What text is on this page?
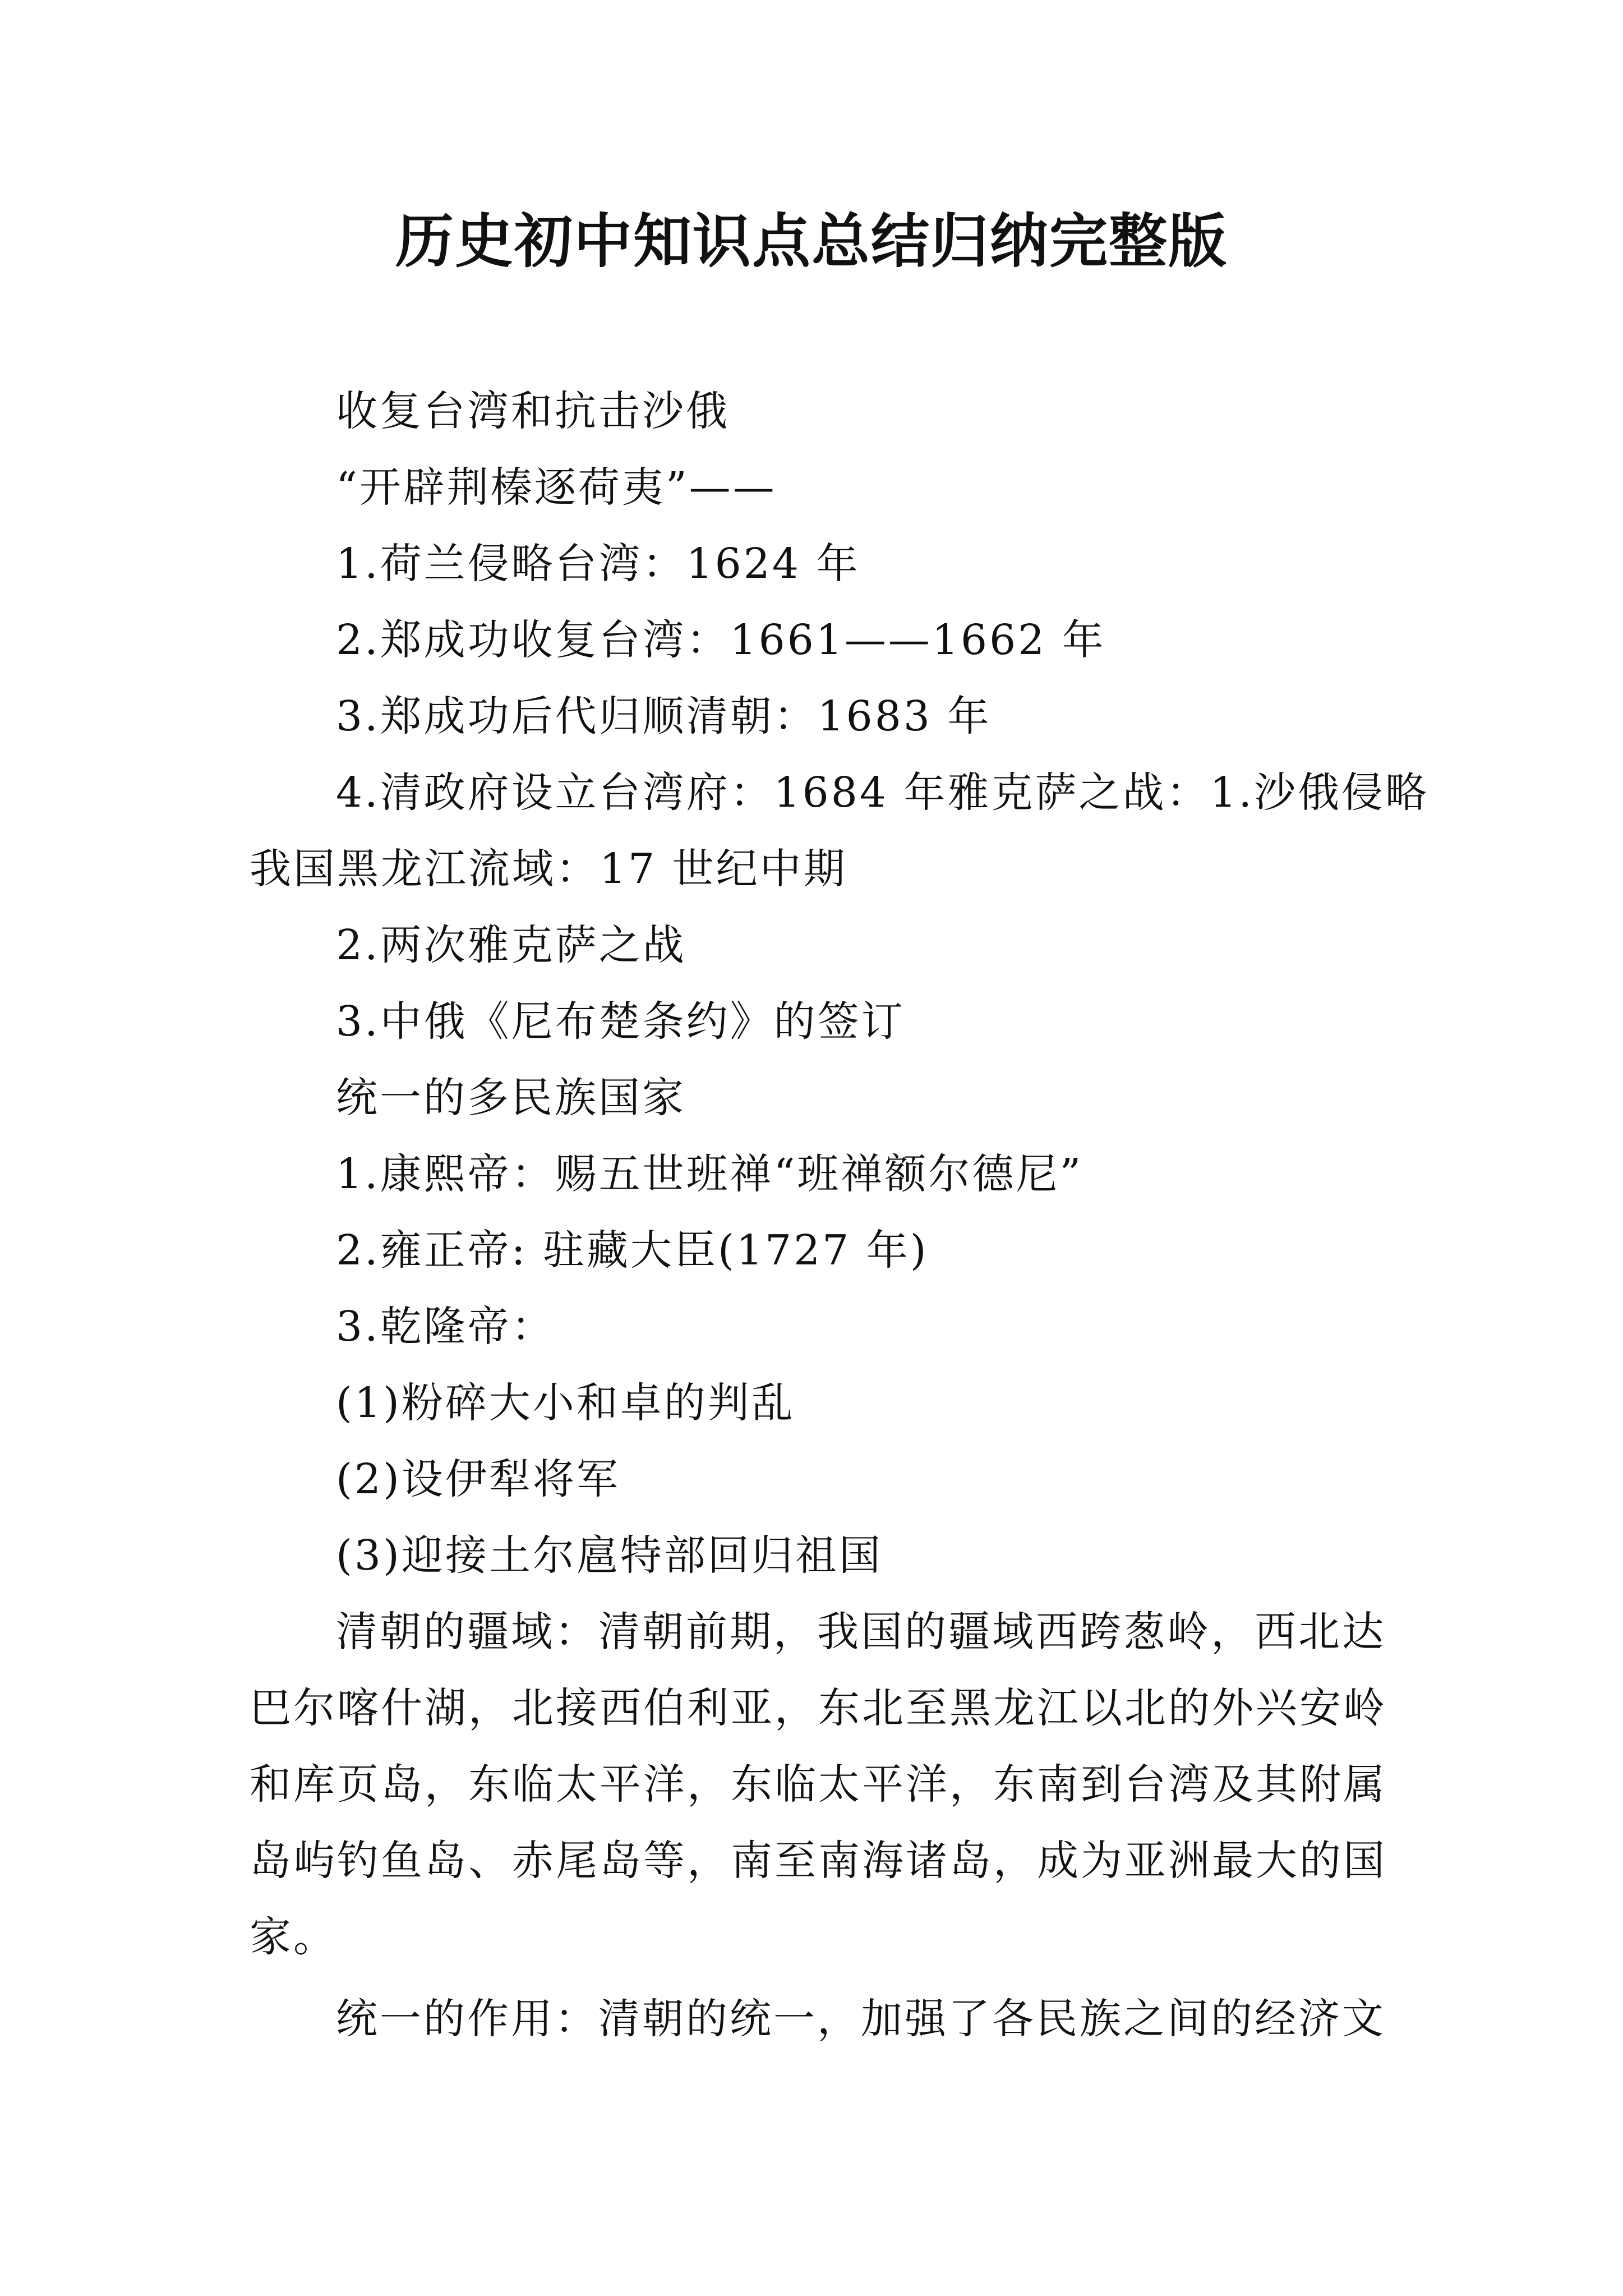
历史初中知识点总结归纳完整版

收复台湾和抗击沙俄

“开辟荆榛逐荷夷”——

1.荷兰侵略台湾：1624 年

2.郑成功收复台湾：1661——1662 年

3.郑成功后代归顺清朝：1683 年

4.清政府设立台湾府：1684 年雅克萨之战：1.沙俄侵略

我国黑龙江流域：17 世纪中期

2.两次雅克萨之战

3.中俄《尼布楚条约》的签订

统一的多民族国家

1.康熙帝：赐五世班禅“班禅额尔德尼”

2.雍正帝: 驻藏大臣(1727 年)

3.乾隆帝：

(1)粉碎大小和卓的判乱

(2)设伊犁将军

(3)迎接土尔扈特部回归祖国

清朝的疆域：清朝前期，我国的疆域西跨葱岭，西北达

巴尔喀什湖，北接西伯利亚，东北至黑龙江以北的外兴安岭

和库页岛，东临太平洋，东临太平洋，东南到台湾及其附属

岛屿钓鱼岛、赤尾岛等，南至南海诸岛，成为亚洲最大的国

家。

统一的作用：清朝的统一，加强了各民族之间的经济文
